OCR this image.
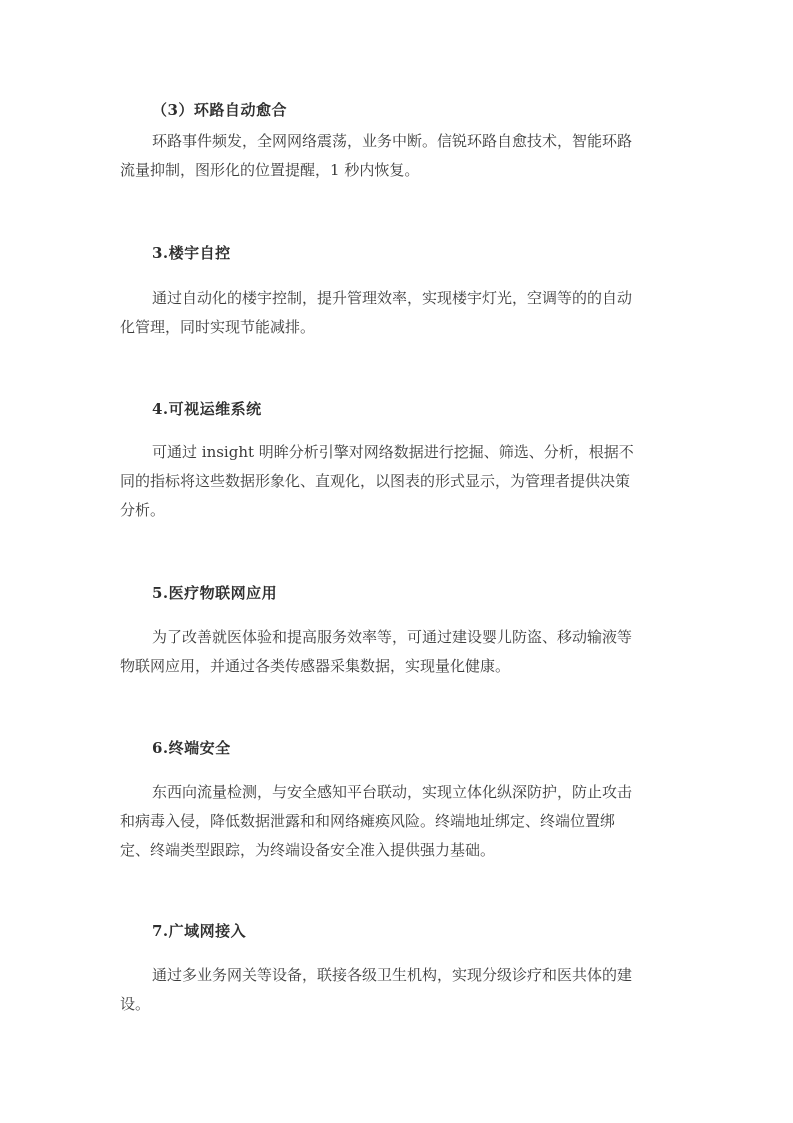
（3）环路自动愈合
环路事件频发，全网网络震荡，业务中断。信锐环路自愈技术，智能环路
流量抑制，图形化的位置提醒，1 秒内恢复。
3.楼宇自控
通过自动化的楼宇控制，提升管理效率，实现楼宇灯光，空调等的的自动
化管理，同时实现节能减排。
4.可视运维系统
可通过 insight 明眸分析引擎对网络数据进行挖掘、筛选、分析，根据不
同的指标将这些数据形象化、直观化，以图表的形式显示，为管理者提供决策
分析。
5.医疗物联网应用
为了改善就医体验和提高服务效率等，可通过建设婴儿防盗、移动输液等
物联网应用，并通过各类传感器采集数据，实现量化健康。
6.终端安全
东西向流量检测，与安全感知平台联动，实现立体化纵深防护，防止攻击
和病毒入侵，降低数据泄露和和网络瘫痪风险。终端地址绑定、终端位置绑
定、终端类型跟踪，为终端设备安全准入提供强力基础。
7.广域网接入
通过多业务网关等设备，联接各级卫生机构，实现分级诊疗和医共体的建
设。
